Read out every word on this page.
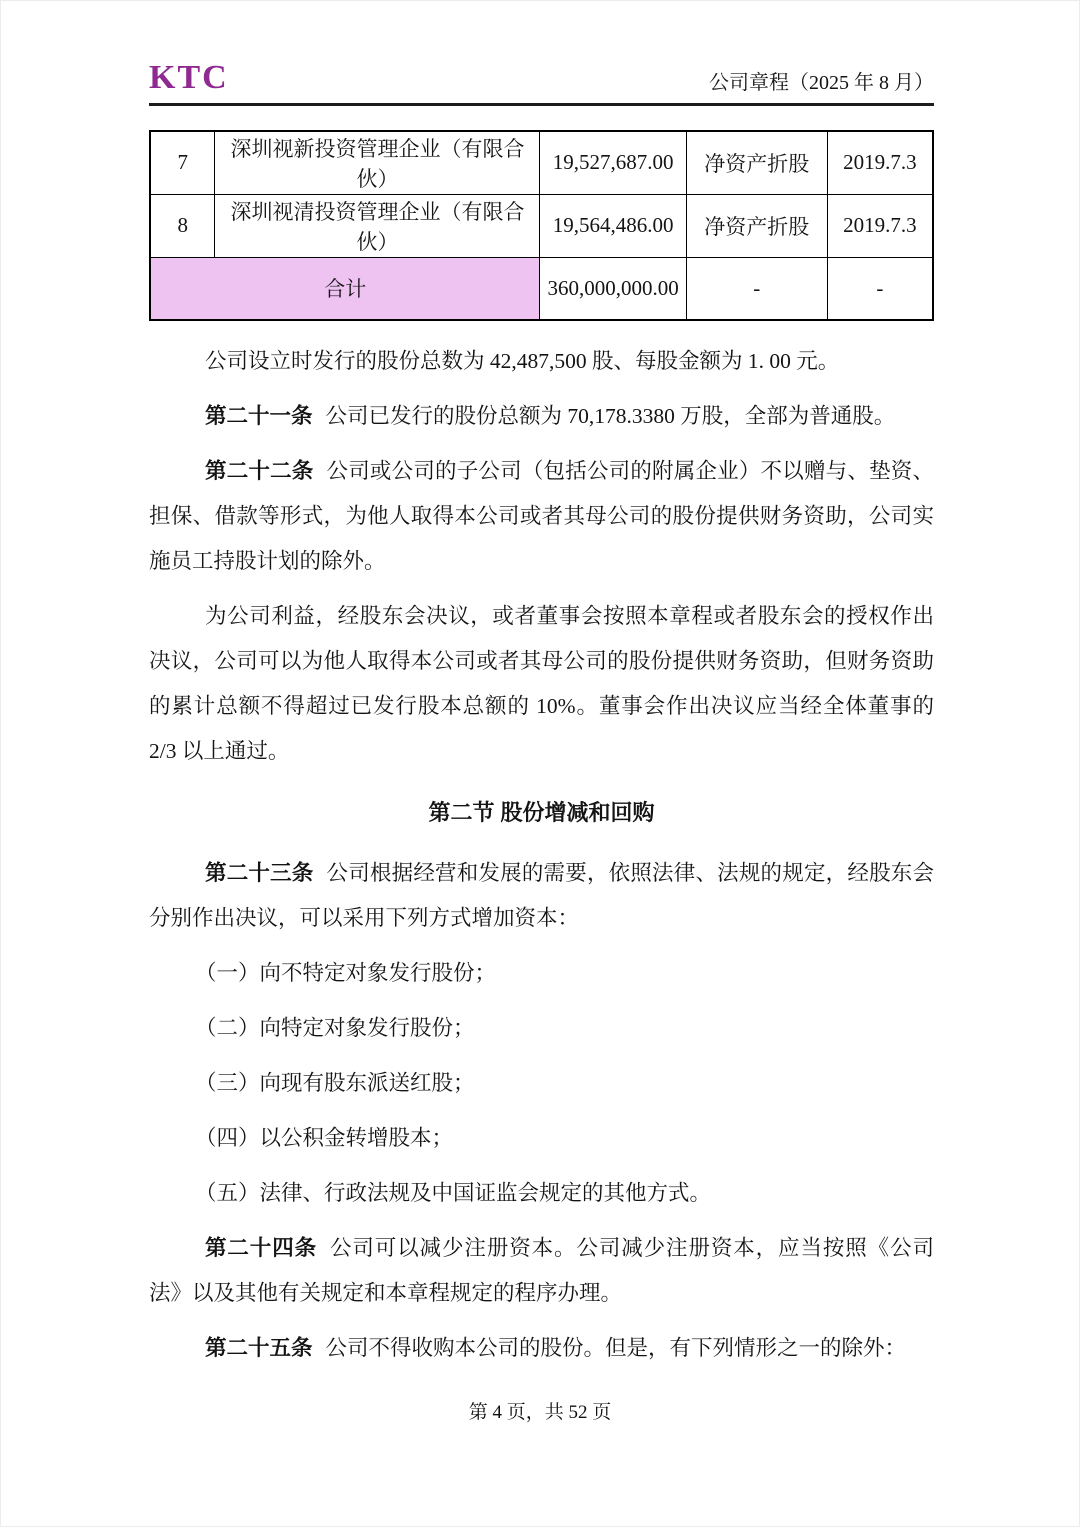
KTC	公司章程（2025 年 8 月）
7	深圳视新投资管理企业（有限合伙）	19,527,687.00	净资产折股	2019.7.3
8	深圳视清投资管理企业（有限合伙）	19,564,486.00	净资产折股	2019.7.3
合计		360,000,000.00	-	-

公司设立时发行的股份总数为 42,487,500 股、每股金额为 1. 00 元。

第二十一条 公司已发行的股份总额为 70,178.3380 万股，全部为普通股。

第二十二条 公司或公司的子公司（包括公司的附属企业）不以赠与、垫资、担保、借款等形式，为他人取得本公司或者其母公司的股份提供财务资助，公司实施员工持股计划的除外。

为公司利益，经股东会决议，或者董事会按照本章程或者股东会的授权作出决议，公司可以为他人取得本公司或者其母公司的股份提供财务资助，但财务资助的累计总额不得超过已发行股本总额的 10%。董事会作出决议应当经全体董事的 2/3 以上通过。

第二节 股份增减和回购

第二十三条 公司根据经营和发展的需要，依照法律、法规的规定，经股东会分别作出决议，可以采用下列方式增加资本：

（一）向不特定对象发行股份；

（二）向特定对象发行股份；

（三）向现有股东派送红股；

（四）以公积金转增股本；

（五）法律、行政法规及中国证监会规定的其他方式。

第二十四条 公司可以减少注册资本。公司减少注册资本，应当按照《公司法》以及其他有关规定和本章程规定的程序办理。

第二十五条 公司不得收购本公司的股份。但是，有下列情形之一的除外：

第 4 页，共 52 页
